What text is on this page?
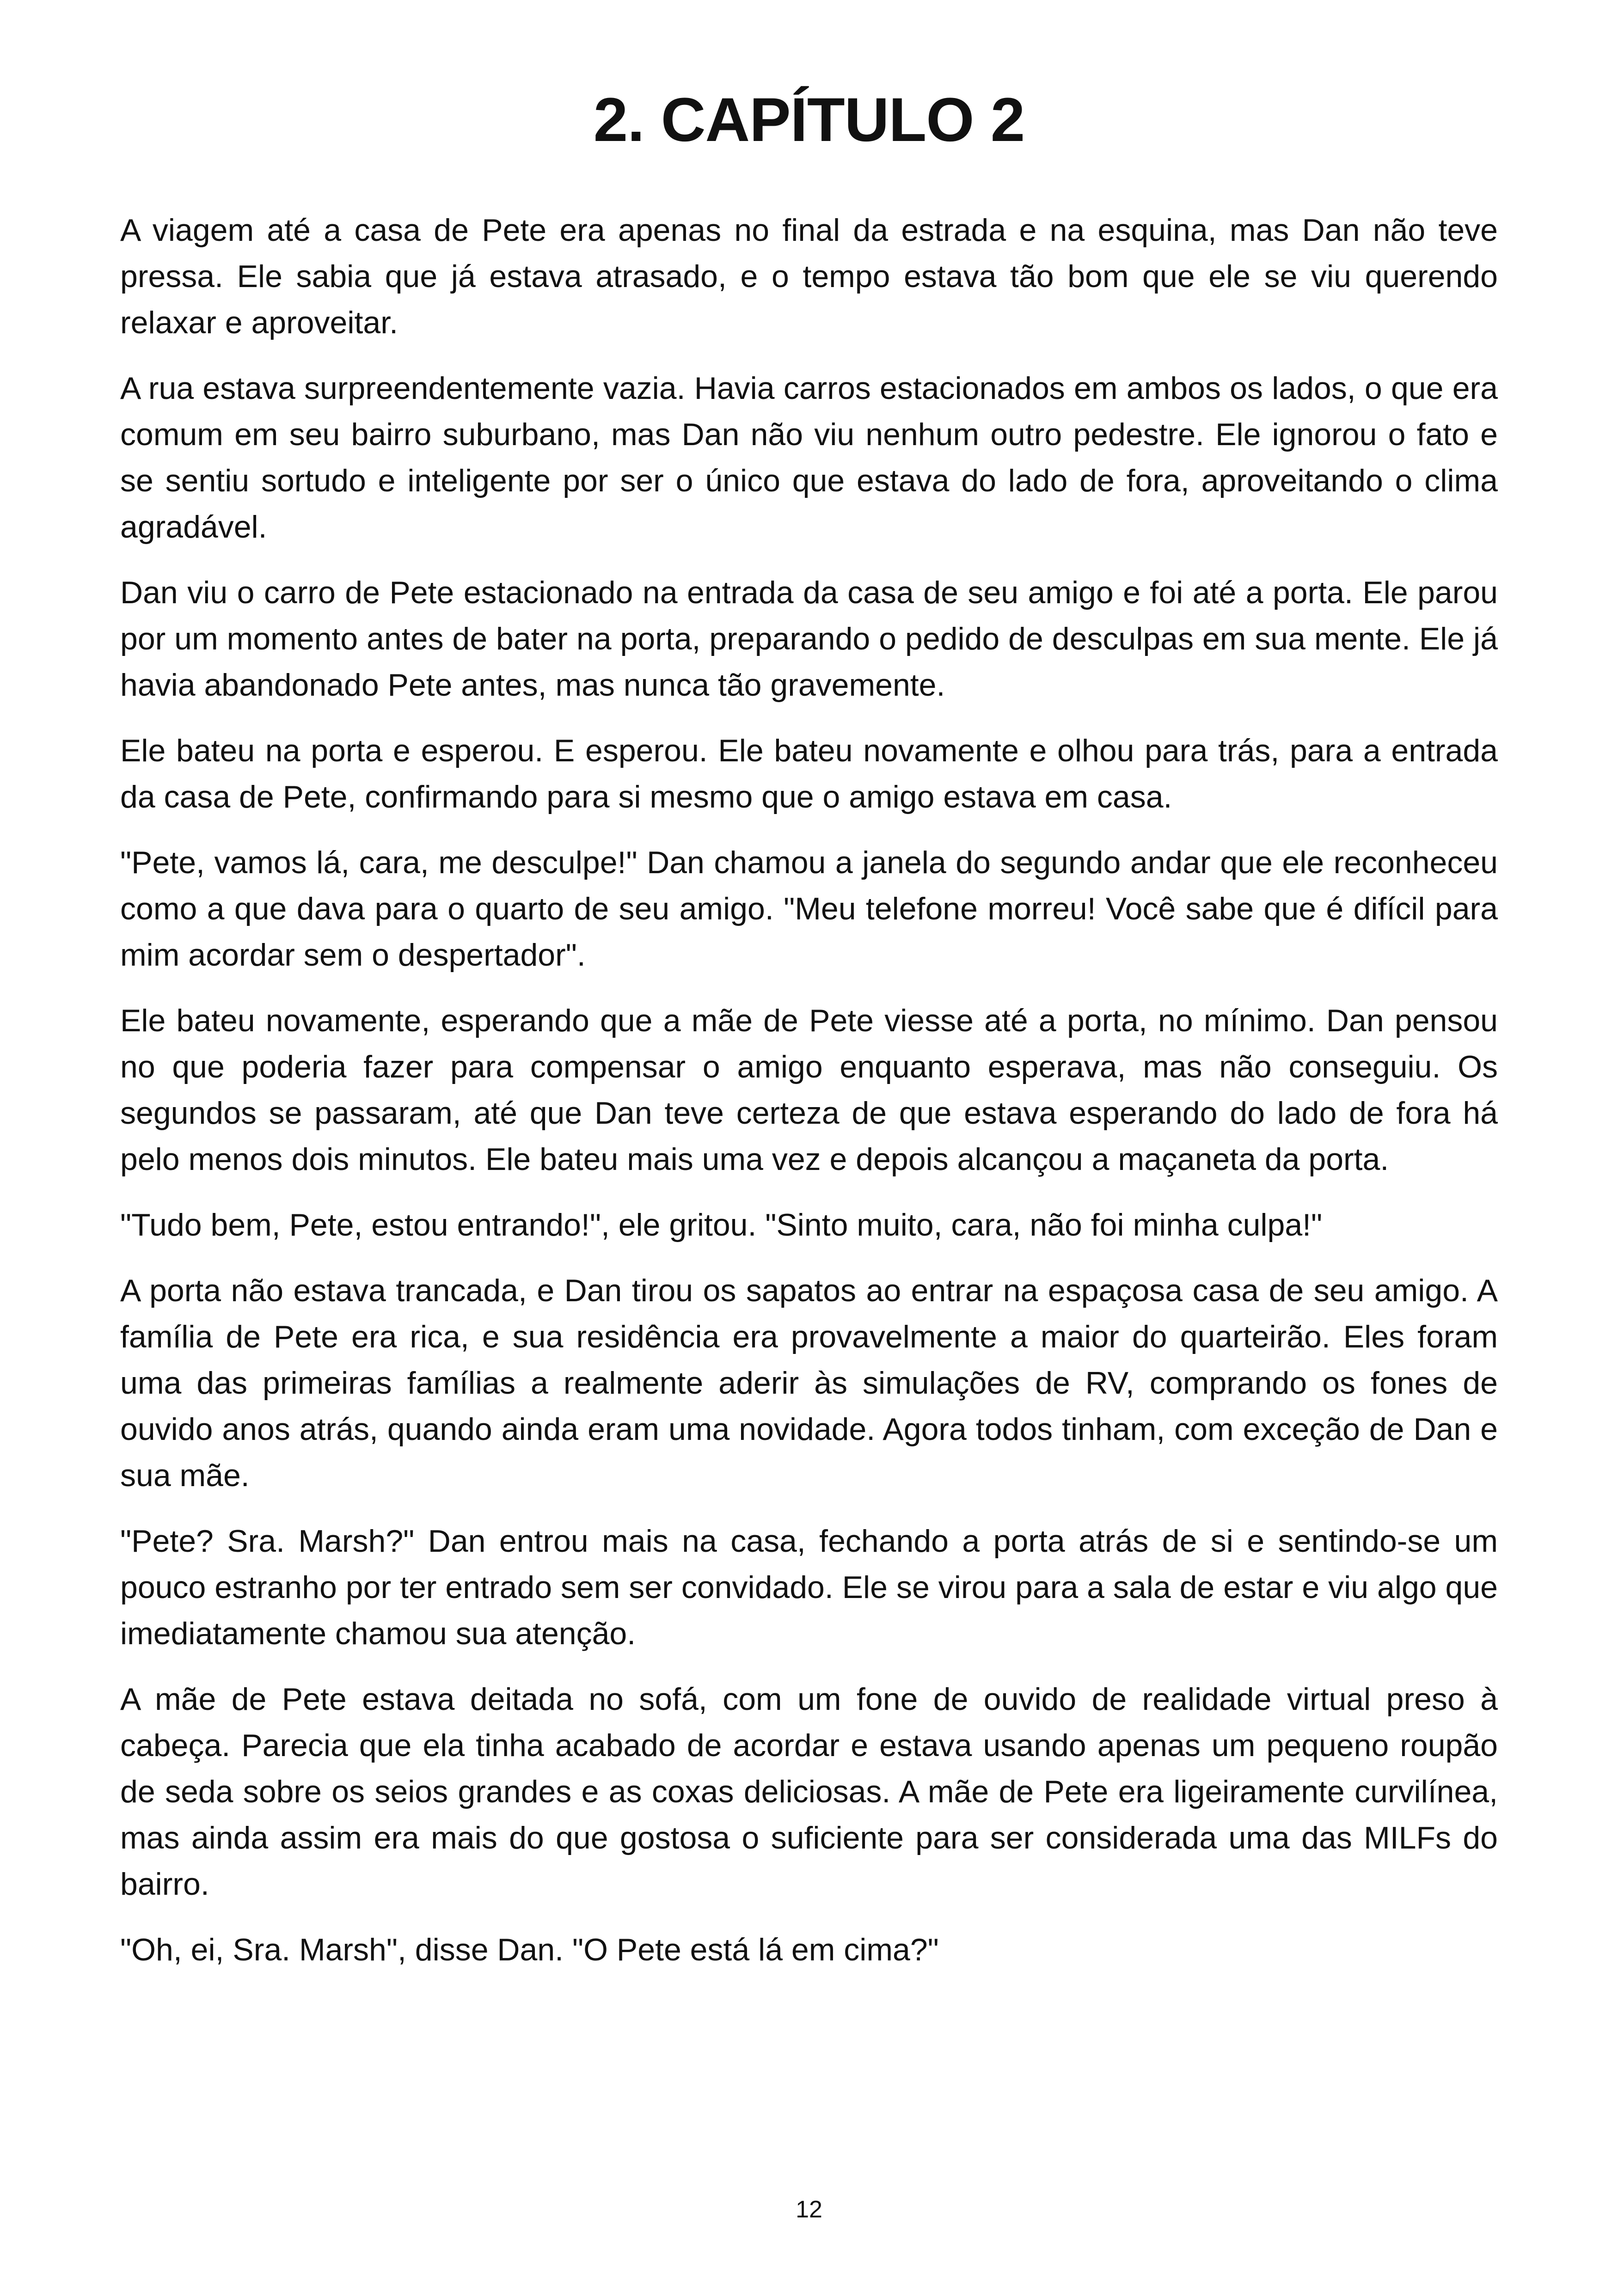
2. CAPÍTULO 2

A viagem até a casa de Pete era apenas no final da estrada e na esquina, mas Dan não teve pressa. Ele sabia que já estava atrasado, e o tempo estava tão bom que ele se viu querendo relaxar e aproveitar.

A rua estava surpreendentemente vazia. Havia carros estacionados em ambos os lados, o que era comum em seu bairro suburbano, mas Dan não viu nenhum outro pedestre. Ele ignorou o fato e se sentiu sortudo e inteligente por ser o único que estava do lado de fora, aproveitando o clima agradável.

Dan viu o carro de Pete estacionado na entrada da casa de seu amigo e foi até a porta. Ele parou por um momento antes de bater na porta, preparando o pedido de desculpas em sua mente. Ele já havia abandonado Pete antes, mas nunca tão gravemente.

Ele bateu na porta e esperou. E esperou. Ele bateu novamente e olhou para trás, para a entrada da casa de Pete, confirmando para si mesmo que o amigo estava em casa.

"Pete, vamos lá, cara, me desculpe!" Dan chamou a janela do segundo andar que ele reconheceu como a que dava para o quarto de seu amigo. "Meu telefone morreu! Você sabe que é difícil para mim acordar sem o despertador".

Ele bateu novamente, esperando que a mãe de Pete viesse até a porta, no mínimo. Dan pensou no que poderia fazer para compensar o amigo enquanto esperava, mas não conseguiu. Os segundos se passaram, até que Dan teve certeza de que estava esperando do lado de fora há pelo menos dois minutos. Ele bateu mais uma vez e depois alcançou a maçaneta da porta.

"Tudo bem, Pete, estou entrando!", ele gritou. "Sinto muito, cara, não foi minha culpa!"

A porta não estava trancada, e Dan tirou os sapatos ao entrar na espaçosa casa de seu amigo. A família de Pete era rica, e sua residência era provavelmente a maior do quarteirão. Eles foram uma das primeiras famílias a realmente aderir às simulações de RV, comprando os fones de ouvido anos atrás, quando ainda eram uma novidade. Agora todos tinham, com exceção de Dan e sua mãe.

"Pete? Sra. Marsh?" Dan entrou mais na casa, fechando a porta atrás de si e sentindo-se um pouco estranho por ter entrado sem ser convidado. Ele se virou para a sala de estar e viu algo que imediatamente chamou sua atenção.

A mãe de Pete estava deitada no sofá, com um fone de ouvido de realidade virtual preso à cabeça. Parecia que ela tinha acabado de acordar e estava usando apenas um pequeno roupão de seda sobre os seios grandes e as coxas deliciosas. A mãe de Pete era ligeiramente curvilínea, mas ainda assim era mais do que gostosa o suficiente para ser considerada uma das MILFs do bairro.

"Oh, ei, Sra. Marsh", disse Dan. "O Pete está lá em cima?"

12
